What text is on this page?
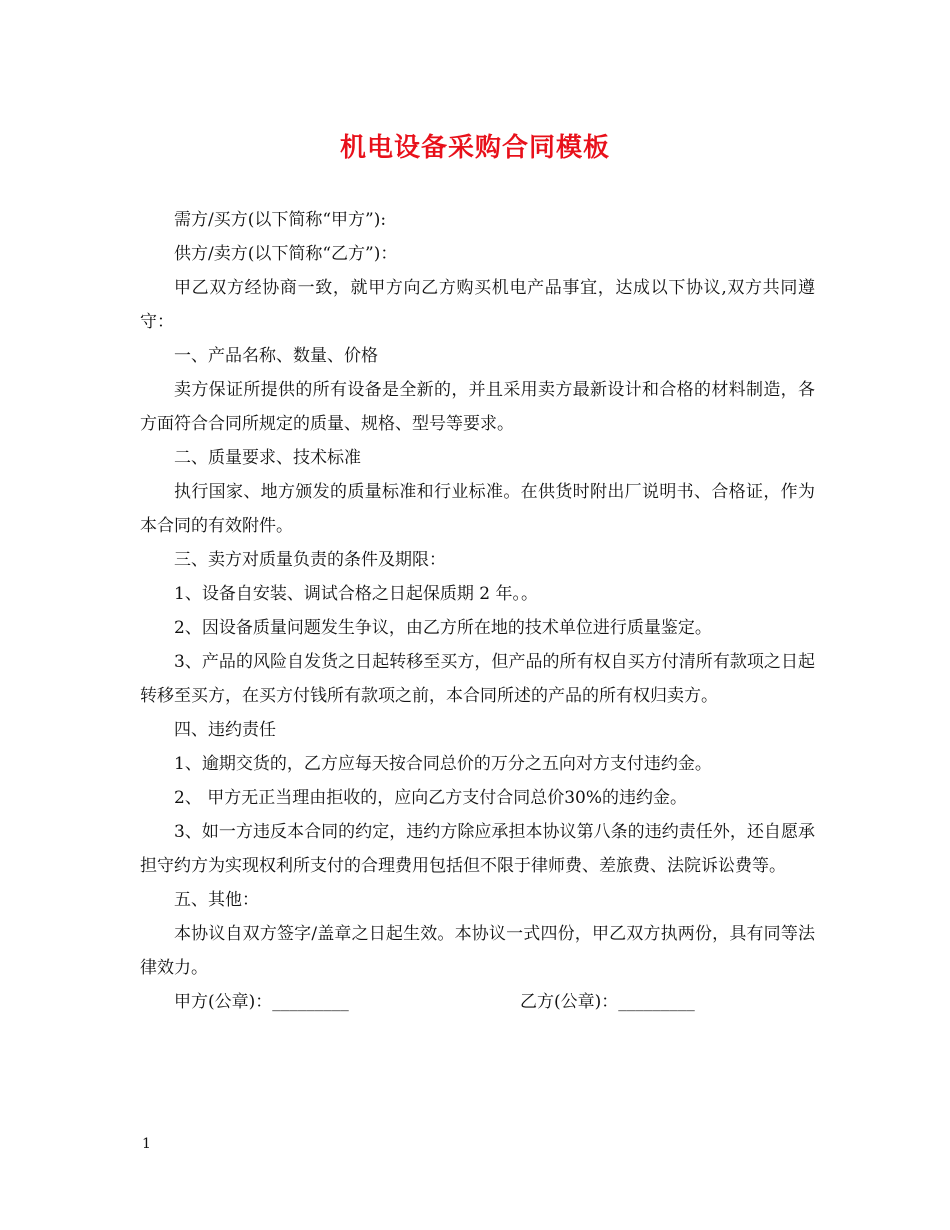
机电设备采购合同模板

需方/买方(以下简称“甲方”):

供方/卖方(以下简称“乙方”)：

甲乙双方经协商一致，就甲方向乙方购买机电产品事宜，达成以下协议,双方共同遵守：

一、产品名称、数量、价格

卖方保证所提供的所有设备是全新的，并且采用卖方最新设计和合格的材料制造，各方面符合合同所规定的质量、规格、型号等要求。

二、质量要求、技术标准

执行国家、地方颁发的质量标准和行业标准。在供货时附出厂说明书、合格证，作为本合同的有效附件。

三、卖方对质量负责的条件及期限：

1、设备自安装、调试合格之日起保质期 2 年。。

2、因设备质量问题发生争议，由乙方所在地的技术单位进行质量鉴定。

3、产品的风险自发货之日起转移至买方，但产品的所有权自买方付清所有款项之日起转移至买方，在买方付钱所有款项之前，本合同所述的产品的所有权归卖方。

四、违约责任

1、逾期交货的，乙方应每天按合同总价的万分之五向对方支付违约金。

2、 甲方无正当理由拒收的，应向乙方支付合同总价30%的违约金。

3、如一方违反本合同的约定，违约方除应承担本协议第八条的违约责任外，还自愿承担守约方为实现权利所支付的合理费用包括但不限于律师费、差旅费、法院诉讼费等。

五、其他：

本协议自双方签字/盖章之日起生效。本协议一式四份，甲乙双方执两份，具有同等法律效力。

甲方(公章)：_________	乙方(公章)：_________
1
